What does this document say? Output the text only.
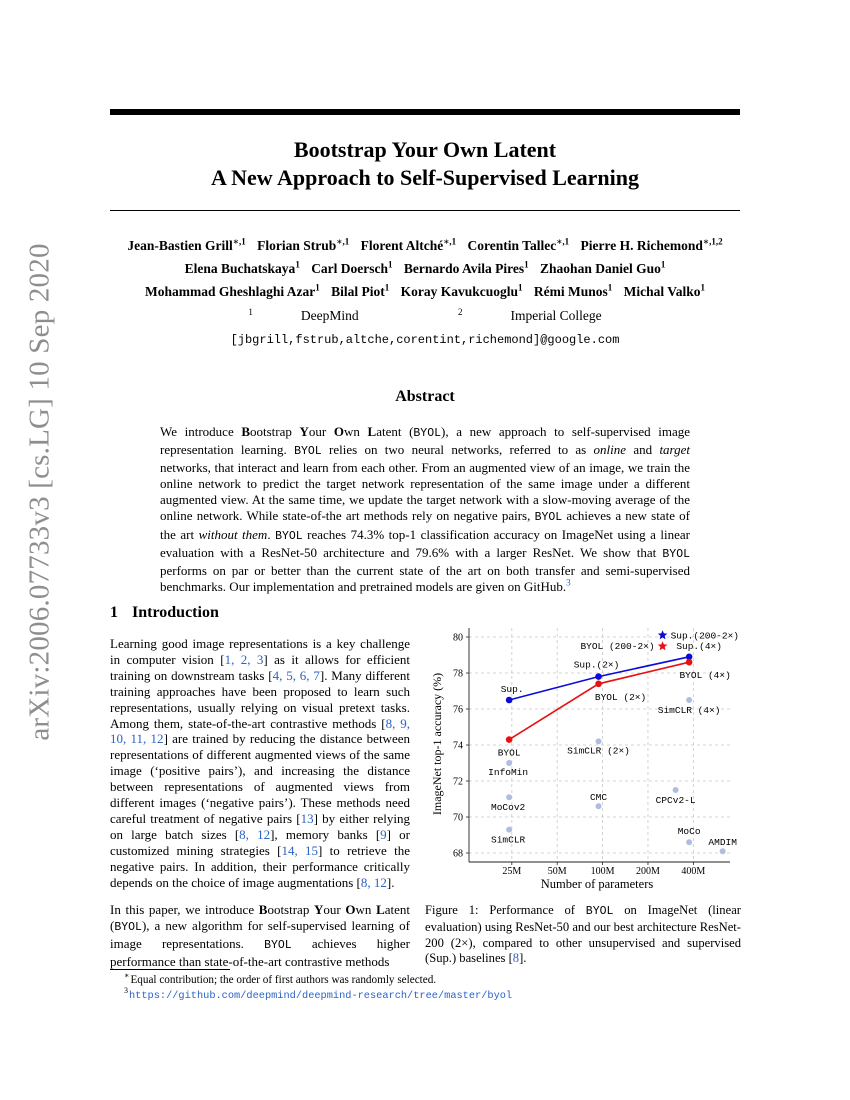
arXiv:2006.07733v3 [cs.LG] 10 Sep 2020
Bootstrap Your Own Latent
A New Approach to Self-Supervised Learning
Jean-Bastien Grill$^{∗,1}$ Florian Strub$^{∗,1}$ Florent Altché$^{∗,1}$ Corentin Tallec$^{∗,1}$ Pierre H. Richemond$^{∗,1,2}$
Elena Buchatskaya$^1$ Carl Doersch$^1$ Bernardo Avila Pires$^1$ Zhaohan Daniel Guo$^1$
Mohammad Gheshlaghi Azar$^1$ Bilal Piot$^1$ Koray Kavukcuoglu$^1$ Rémi Munos$^1$ Michal Valko$^1$
$^1$	DeepMind	$^2$	Imperial College
[jbgrill,fstrub,altche,corentint,richemond]@google.com
Abstract
We introduce Bootstrap Your Own Latent (BYOL), a new approach to self-supervised image representation learning. BYOL relies on two neural networks, referred to as online and target networks, that interact and learn from each other. From an augmented view of an image, we train the online network to predict the target network representation of the same image under a different augmented view. At the same time, we update the target network with a slow-moving average of the online network. While state-of-the art methods rely on negative pairs, BYOL achieves a new state of the art without them. BYOL reaches 74.3% top-1 classification accuracy on ImageNet using a linear evaluation with a ResNet-50 architecture and 79.6% with a larger ResNet. We show that BYOL performs on par or better than the current state of the art on both transfer and semi-supervised benchmarks. Our implementation and pretrained models are given on GitHub.$^3$
1 Introduction
Learning good image representations is a key challenge in computer vision [1, 2, 3] as it allows for efficient training on downstream tasks [4, 5, 6, 7]. Many different training approaches have been proposed to learn such representations, usually relying on visual pretext tasks. Among them, state-of-the-art contrastive methods [8, 9, 10, 11, 12] are trained by reducing the distance between representations of different augmented views of the same image (‘positive pairs’), and increasing the distance between representations of augmented views from different images (‘negative pairs’). These methods need careful treatment of negative pairs [13] by either relying on large batch sizes [8, 12], memory banks [9] or customized mining strategies [14, 15] to retrieve the negative pairs. In addition, their performance critically depends on the choice of image augmentations [8, 12].
In this paper, we introduce Bootstrap Your Own Latent (BYOL), a new algorithm for self-supervised learning of image representations. BYOL achieves higher performance than state-of-the-art contrastive methods
25M	50M 100M 200M 400M
68
70
72
74
76
78
80
InfoMin
MoCov2
SimCLR
SimCLR (2×)
SimCLR (4×)
CMC	CPCv2-L
MoCo
AMDIM
Sup.
Sup.(2×)
Sup.(4×)
BYOL
BYOL (2×)
BYOL (4×)
Sup.(200-2×)
BYOL (200-2×)
ImageNet top-1 accuracy (%)
Number of parameters
Figure 1: Performance of BYOL on ImageNet (linear evaluation) using ResNet-50 and our best architecture ResNet-200 (2×), compared to other unsupervised and supervised (Sup.) baselines [8].
∗Equal contribution; the order of first authors was randomly selected.
$^3$https://github.com/deepmind/deepmind-research/tree/master/byol
